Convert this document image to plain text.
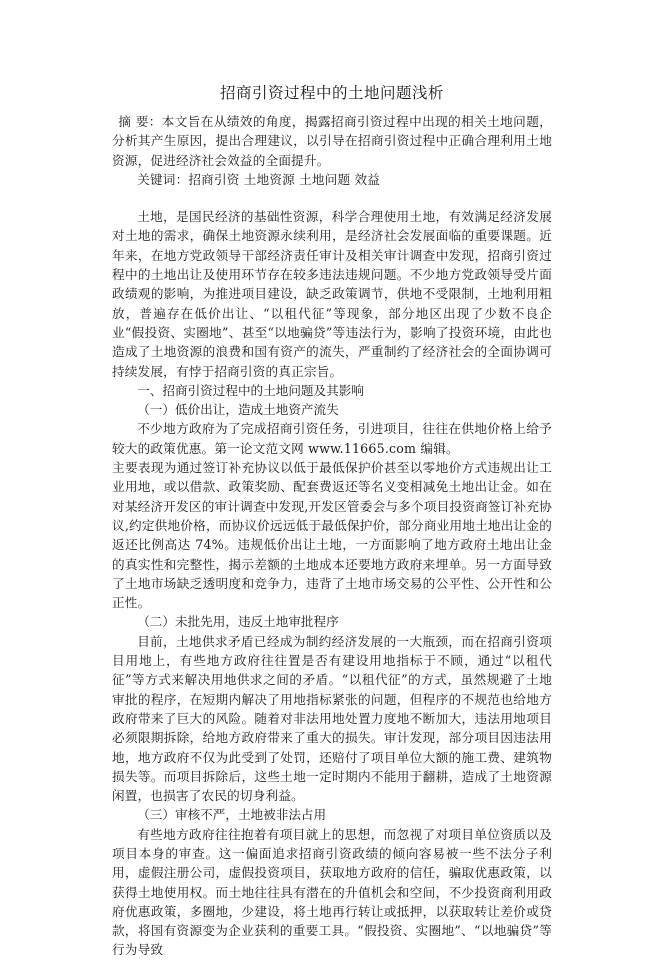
招商引资过程中的土地问题浅析

摘 要：本文旨在从绩效的角度，揭露招商引资过程中出现的相关土地问题，分析其产生原因，提出合理建议，以引导在招商引资过程中正确合理利用土地资源，促进经济社会效益的全面提升。

关键词：招商引资 土地资源 土地问题 效益

土地，是国民经济的基础性资源，科学合理使用土地，有效满足经济发展对土地的需求，确保土地资源永续利用，是经济社会发展面临的重要课题。近年来，在地方党政领导干部经济责任审计及相关审计调查中发现，招商引资过程中的土地出让及使用环节存在较多违法违规问题。不少地方党政领导受片面政绩观的影响，为推进项目建设，缺乏政策调节，供地不受限制，土地利用粗放，普遍存在低价出让、“以租代征”等现象，部分地区出现了少数不良企业“假投资、实圈地”、甚至“以地骗贷”等违法行为，影响了投资环境，由此也造成了土地资源的浪费和国有资产的流失，严重制约了经济社会的全面协调可持续发展，有悖于招商引资的真正宗旨。

一、招商引资过程中的土地问题及其影响

（一）低价出让，造成土地资产流失

不少地方政府为了完成招商引资任务，引进项目，往往在供地价格上给予较大的政策优惠。第一论文范文网 www.11665.com 编辑。

主要表现为通过签订补充协议以低于最低保护价甚至以零地价方式违规出让工业用地，或以借款、政策奖励、配套费返还等名义变相减免土地出让金。如在对某经济开发区的审计调查中发现,开发区管委会与多个项目投资商签订补充协议,约定供地价格，而协议价远远低于最低保护价，部分商业用地土地出让金的返还比例高达 74%。违规低价出让土地，一方面影响了地方政府土地出让金的真实性和完整性，揭示差额的土地成本还要地方政府来埋单。另一方面导致了土地市场缺乏透明度和竞争力，违背了土地市场交易的公平性、公开性和公正性。

（二）未批先用，违反土地审批程序

目前，土地供求矛盾已经成为制约经济发展的一大瓶颈，而在招商引资项目用地上，有些地方政府往往置是否有建设用地指标于不顾，通过“以租代征”等方式来解决用地供求之间的矛盾。“以租代征”的方式，虽然规避了土地审批的程序，在短期内解决了用地指标紧张的问题，但程序的不规范也给地方政府带来了巨大的风险。随着对非法用地处置力度地不断加大，违法用地项目必须限期拆除，给地方政府带来了重大的损失。审计发现，部分项目因违法用地，地方政府不仅为此受到了处罚，还赔付了项目单位大额的施工费、建筑物损失等。而项目拆除后，这些土地一定时期内不能用于翻耕，造成了土地资源闲置，也损害了农民的切身利益。

（三）审核不严，土地被非法占用

有些地方政府往往抱着有项目就上的思想，而忽视了对项目单位资质以及项目本身的审查。这一偏面追求招商引资政绩的倾向容易被一些不法分子利用，虚假注册公司，虚假投资项目，获取地方政府的信任，骗取优惠政策，以获得土地使用权。而土地往往具有潜在的升值机会和空间，不少投资商利用政府优惠政策，多圈地，少建设，将土地再行转让或抵押，以获取转让差价或贷款，将国有资源变为企业获利的重要工具。“假投资、实圈地”、“以地骗贷”等行为导致
